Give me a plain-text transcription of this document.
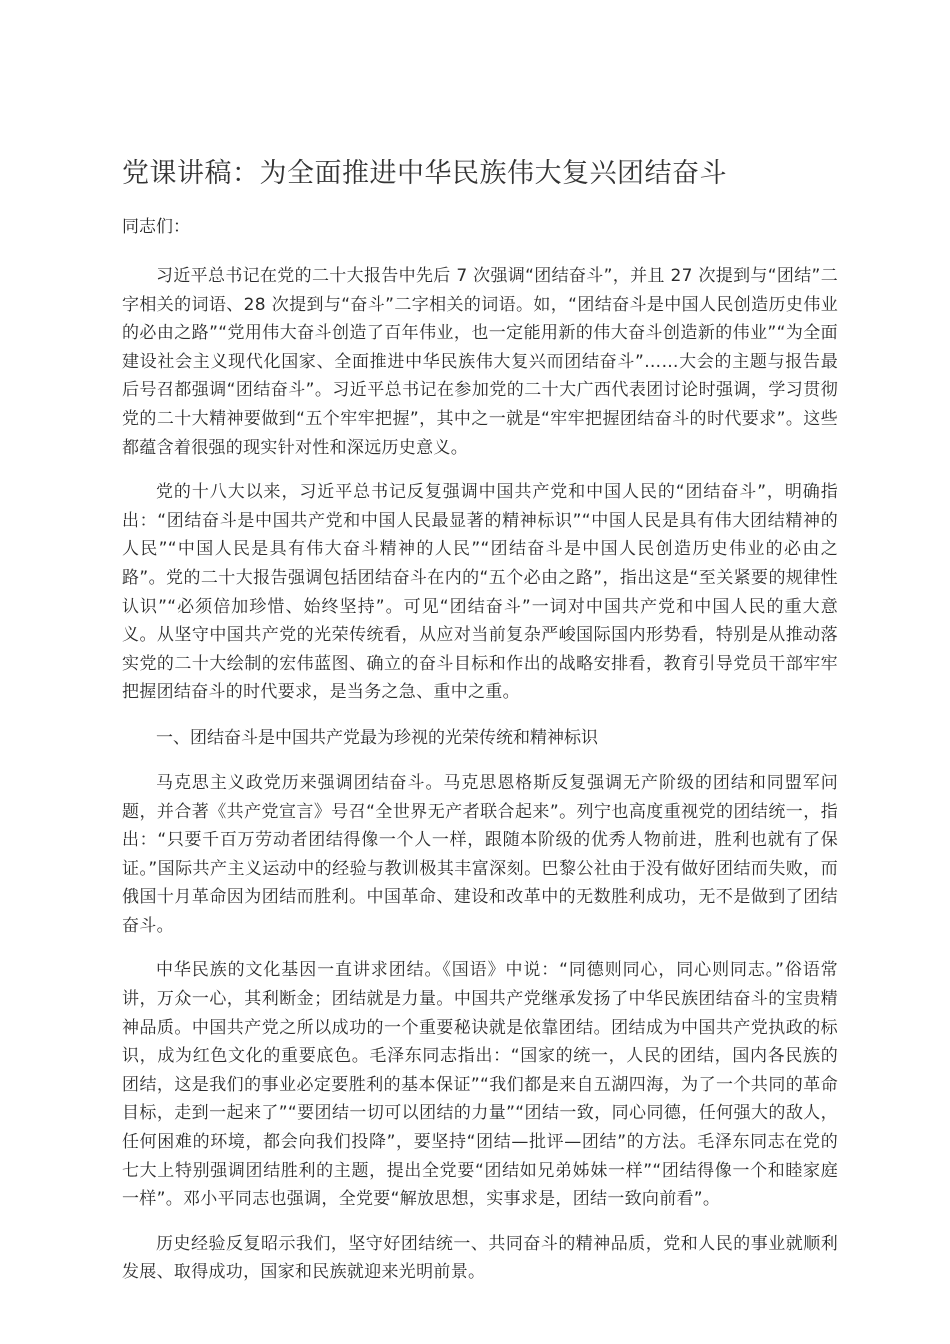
党课讲稿：为全面推进中华民族伟大复兴团结奋斗

同志们：

习近平总书记在党的二十大报告中先后 7 次强调“团结奋斗”，并且 27 次提到与“团结”二字相关的词语、28 次提到与“奋斗”二字相关的词语。如，“团结奋斗是中国人民创造历史伟业的必由之路”“党用伟大奋斗创造了百年伟业，也一定能用新的伟大奋斗创造新的伟业”“为全面建设社会主义现代化国家、全面推进中华民族伟大复兴而团结奋斗”……大会的主题与报告最后号召都强调“团结奋斗”。习近平总书记在参加党的二十大广西代表团讨论时强调，学习贯彻党的二十大精神要做到“五个牢牢把握”，其中之一就是“牢牢把握团结奋斗的时代要求”。这些都蕴含着很强的现实针对性和深远历史意义。

党的十八大以来，习近平总书记反复强调中国共产党和中国人民的“团结奋斗”，明确指出：“团结奋斗是中国共产党和中国人民最显著的精神标识”“中国人民是具有伟大团结精神的人民”“中国人民是具有伟大奋斗精神的人民”“团结奋斗是中国人民创造历史伟业的必由之路”。党的二十大报告强调包括团结奋斗在内的“五个必由之路”，指出这是“至关紧要的规律性认识”“必须倍加珍惜、始终坚持”。可见“团结奋斗”一词对中国共产党和中国人民的重大意义。从坚守中国共产党的光荣传统看，从应对当前复杂严峻国际国内形势看，特别是从推动落实党的二十大绘制的宏伟蓝图、确立的奋斗目标和作出的战略安排看，教育引导党员干部牢牢把握团结奋斗的时代要求，是当务之急、重中之重。

一、团结奋斗是中国共产党最为珍视的光荣传统和精神标识

马克思主义政党历来强调团结奋斗。马克思恩格斯反复强调无产阶级的团结和同盟军问题，并合著《共产党宣言》号召“全世界无产者联合起来”。列宁也高度重视党的团结统一，指出：“只要千百万劳动者团结得像一个人一样，跟随本阶级的优秀人物前进，胜利也就有了保证。”国际共产主义运动中的经验与教训极其丰富深刻。巴黎公社由于没有做好团结而失败，而俄国十月革命因为团结而胜利。中国革命、建设和改革中的无数胜利成功，无不是做到了团结奋斗。

中华民族的文化基因一直讲求团结。《国语》中说：“同德则同心，同心则同志。”俗语常讲，万众一心，其利断金；团结就是力量。中国共产党继承发扬了中华民族团结奋斗的宝贵精神品质。中国共产党之所以成功的一个重要秘诀就是依靠团结。团结成为中国共产党执政的标识，成为红色文化的重要底色。毛泽东同志指出：“国家的统一，人民的团结，国内各民族的团结，这是我们的事业必定要胜利的基本保证”“我们都是来自五湖四海，为了一个共同的革命目标，走到一起来了”“要团结一切可以团结的力量”“团结一致，同心同德，任何强大的敌人，任何困难的环境，都会向我们投降”，要坚持“团结—批评—团结”的方法。毛泽东同志在党的七大上特别强调团结胜利的主题，提出全党要“团结如兄弟姊妹一样”“团结得像一个和睦家庭一样”。邓小平同志也强调，全党要“解放思想，实事求是，团结一致向前看”。

历史经验反复昭示我们，坚守好团结统一、共同奋斗的精神品质，党和人民的事业就顺利发展、取得成功，国家和民族就迎来光明前景。
